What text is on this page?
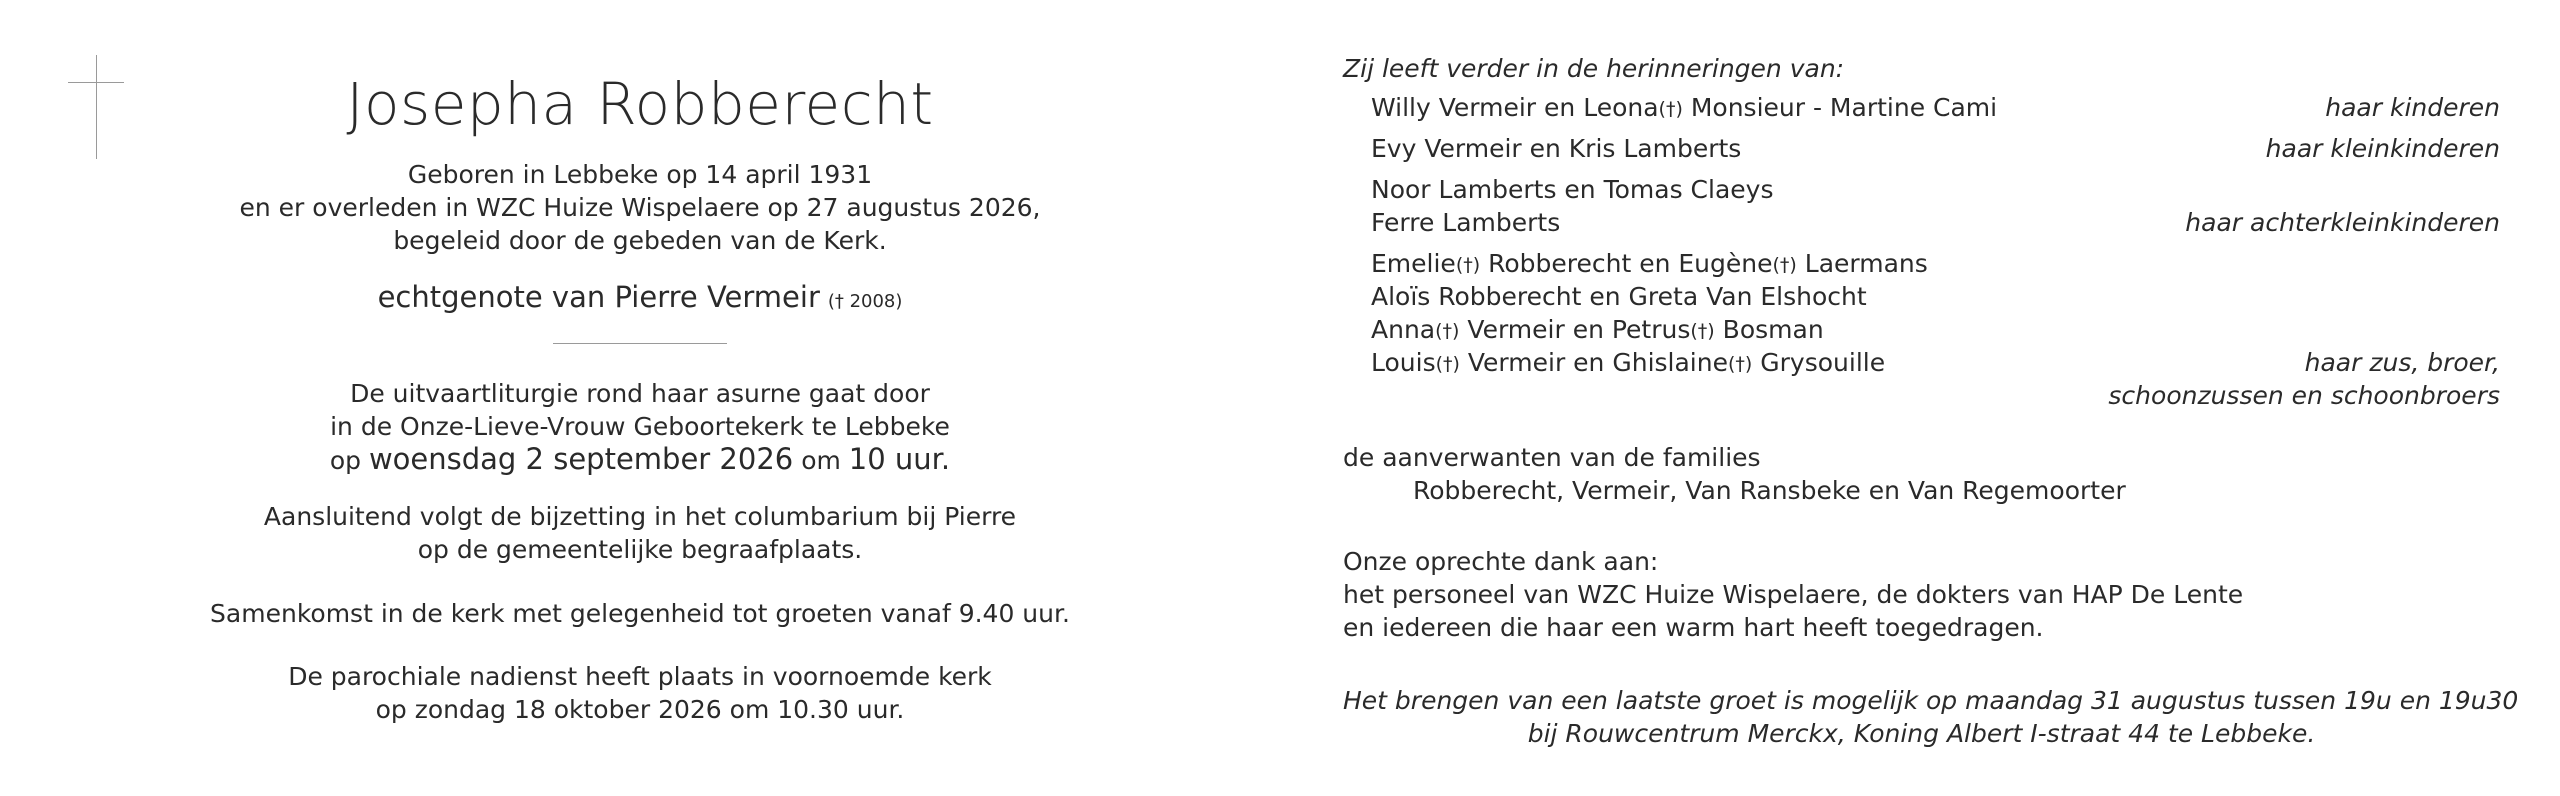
Josepha Robberecht
Geboren in Lebbeke op 14 april 1931
en er overleden in WZC Huize Wispelaere op 27 augustus 2026,
begeleid door de gebeden van de Kerk.
echtgenote van Pierre Vermeir († 2008)
De uitvaartliturgie rond haar asurne gaat door
in de Onze-Lieve-Vrouw Geboortekerk te Lebbeke
op woensdag 2 september 2026 om 10 uur.
Aansluitend volgt de bijzetting in het columbarium bij Pierre
op de gemeentelijke begraafplaats.
Samenkomst in de kerk met gelegenheid tot groeten vanaf 9.40 uur.
De parochiale nadienst heeft plaats in voornoemde kerk
op zondag 18 oktober 2026 om 10.30 uur.
Zij leeft verder in de herinneringen van:
Willy Vermeir en Leona(†) Monsieur - Martine Cami	haar kinderen
Evy Vermeir en Kris Lamberts	haar kleinkinderen
Noor Lamberts en Tomas Claeys
Ferre Lamberts	haar achterkleinkinderen
Emelie(†) Robberecht en Eugène(†) Laermans
Aloïs Robberecht en Greta Van Elshocht
Anna(†) Vermeir en Petrus(†) Bosman
Louis(†) Vermeir en Ghislaine(†) Grysouille	haar zus, broer,
schoonzussen en schoonbroers
de aanverwanten van de families
Robberecht, Vermeir, Van Ransbeke en Van Regemoorter
Onze oprechte dank aan:
het personeel van WZC Huize Wispelaere, de dokters van HAP De Lente
en iedereen die haar een warm hart heeft toegedragen.
Het brengen van een laatste groet is mogelijk op maandag 31 augustus tussen 19u en 19u30
bij Rouwcentrum Merckx, Koning Albert I-straat 44 te Lebbeke.
